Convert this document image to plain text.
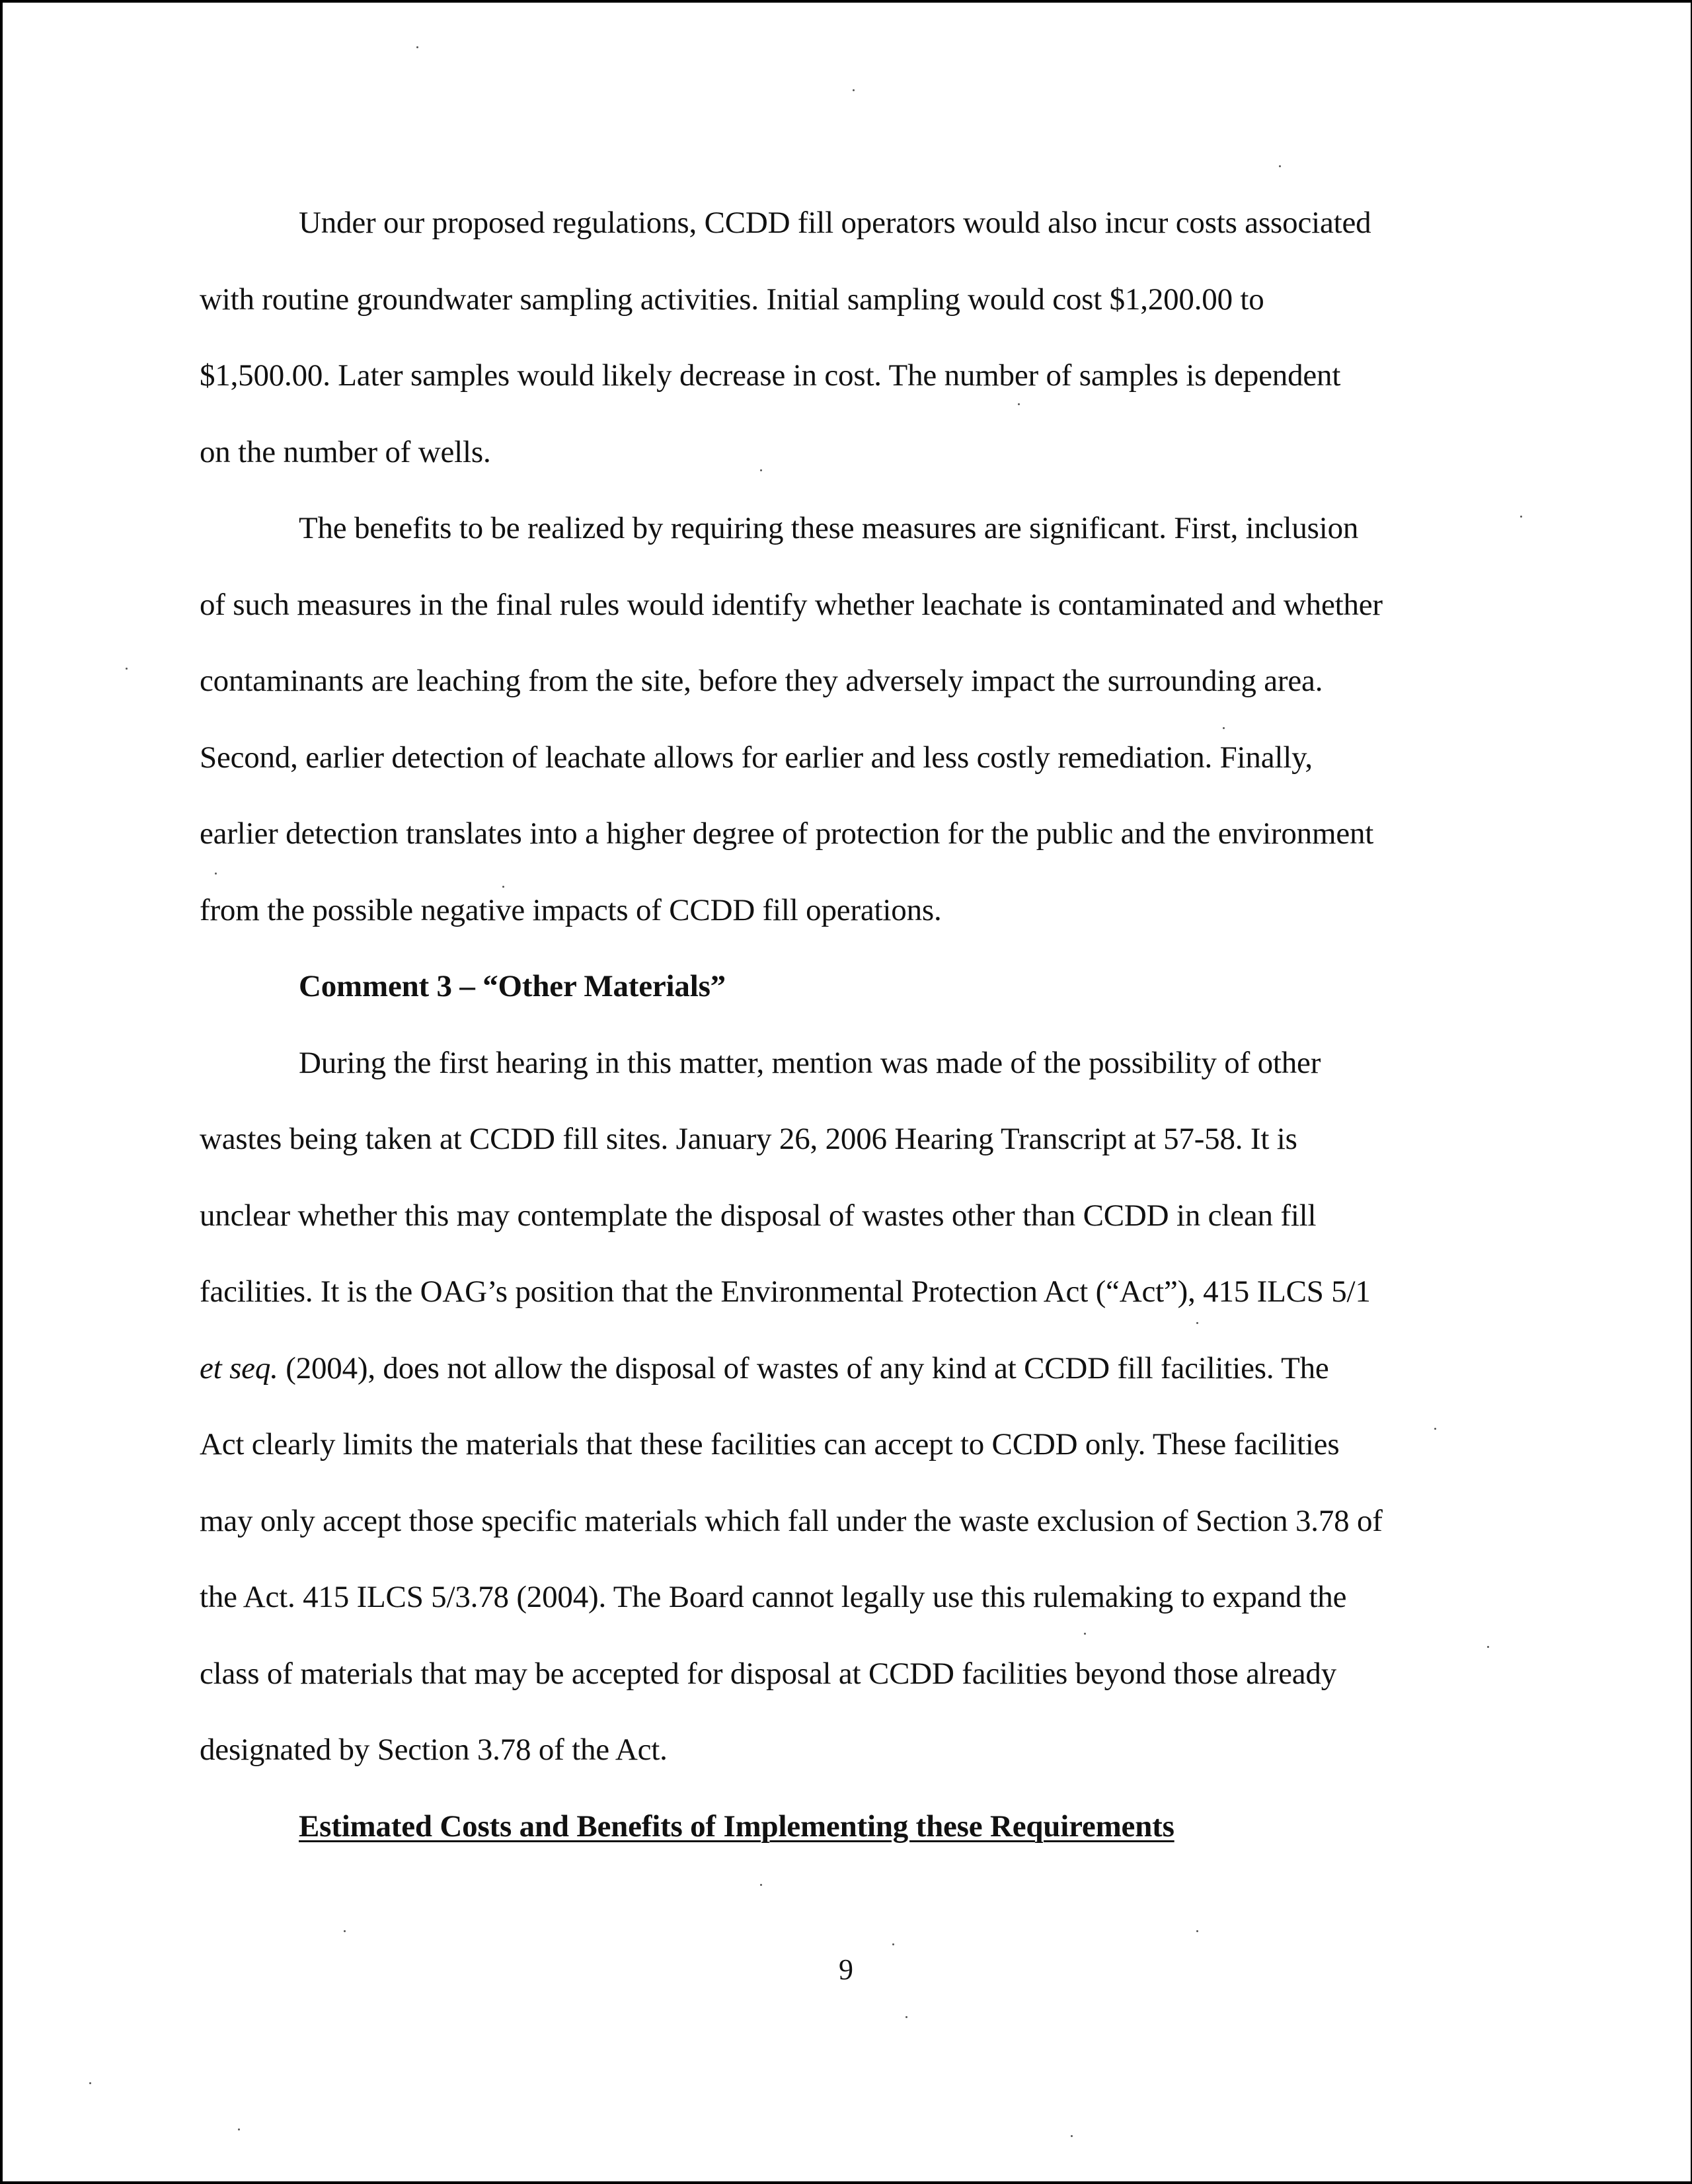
Under our proposed regulations, CCDD fill operators would also incur costs associated
with routine groundwater sampling activities. Initial sampling would cost $1,200.00 to
$1,500.00. Later samples would likely decrease in cost. The number of samples is dependent
on the number of wells.
The benefits to be realized by requiring these measures are significant. First, inclusion
of such measures in the final rules would identify whether leachate is contaminated and whether
contaminants are leaching from the site, before they adversely impact the surrounding area.
Second, earlier detection of leachate allows for earlier and less costly remediation. Finally,
earlier detection translates into a higher degree of protection for the public and the environment
from the possible negative impacts of CCDD fill operations.
Comment 3 – “Other Materials”
During the first hearing in this matter, mention was made of the possibility of other
wastes being taken at CCDD fill sites. January 26, 2006 Hearing Transcript at 57-58. It is
unclear whether this may contemplate the disposal of wastes other than CCDD in clean fill
facilities. It is the OAG’s position that the Environmental Protection Act (“Act”), 415 ILCS 5/1
et seq. (2004), does not allow the disposal of wastes of any kind at CCDD fill facilities. The
Act clearly limits the materials that these facilities can accept to CCDD only. These facilities
may only accept those specific materials which fall under the waste exclusion of Section 3.78 of
the Act. 415 ILCS 5/3.78 (2004). The Board cannot legally use this rulemaking to expand the
class of materials that may be accepted for disposal at CCDD facilities beyond those already
designated by Section 3.78 of the Act.
Estimated Costs and Benefits of Implementing these Requirements
9
